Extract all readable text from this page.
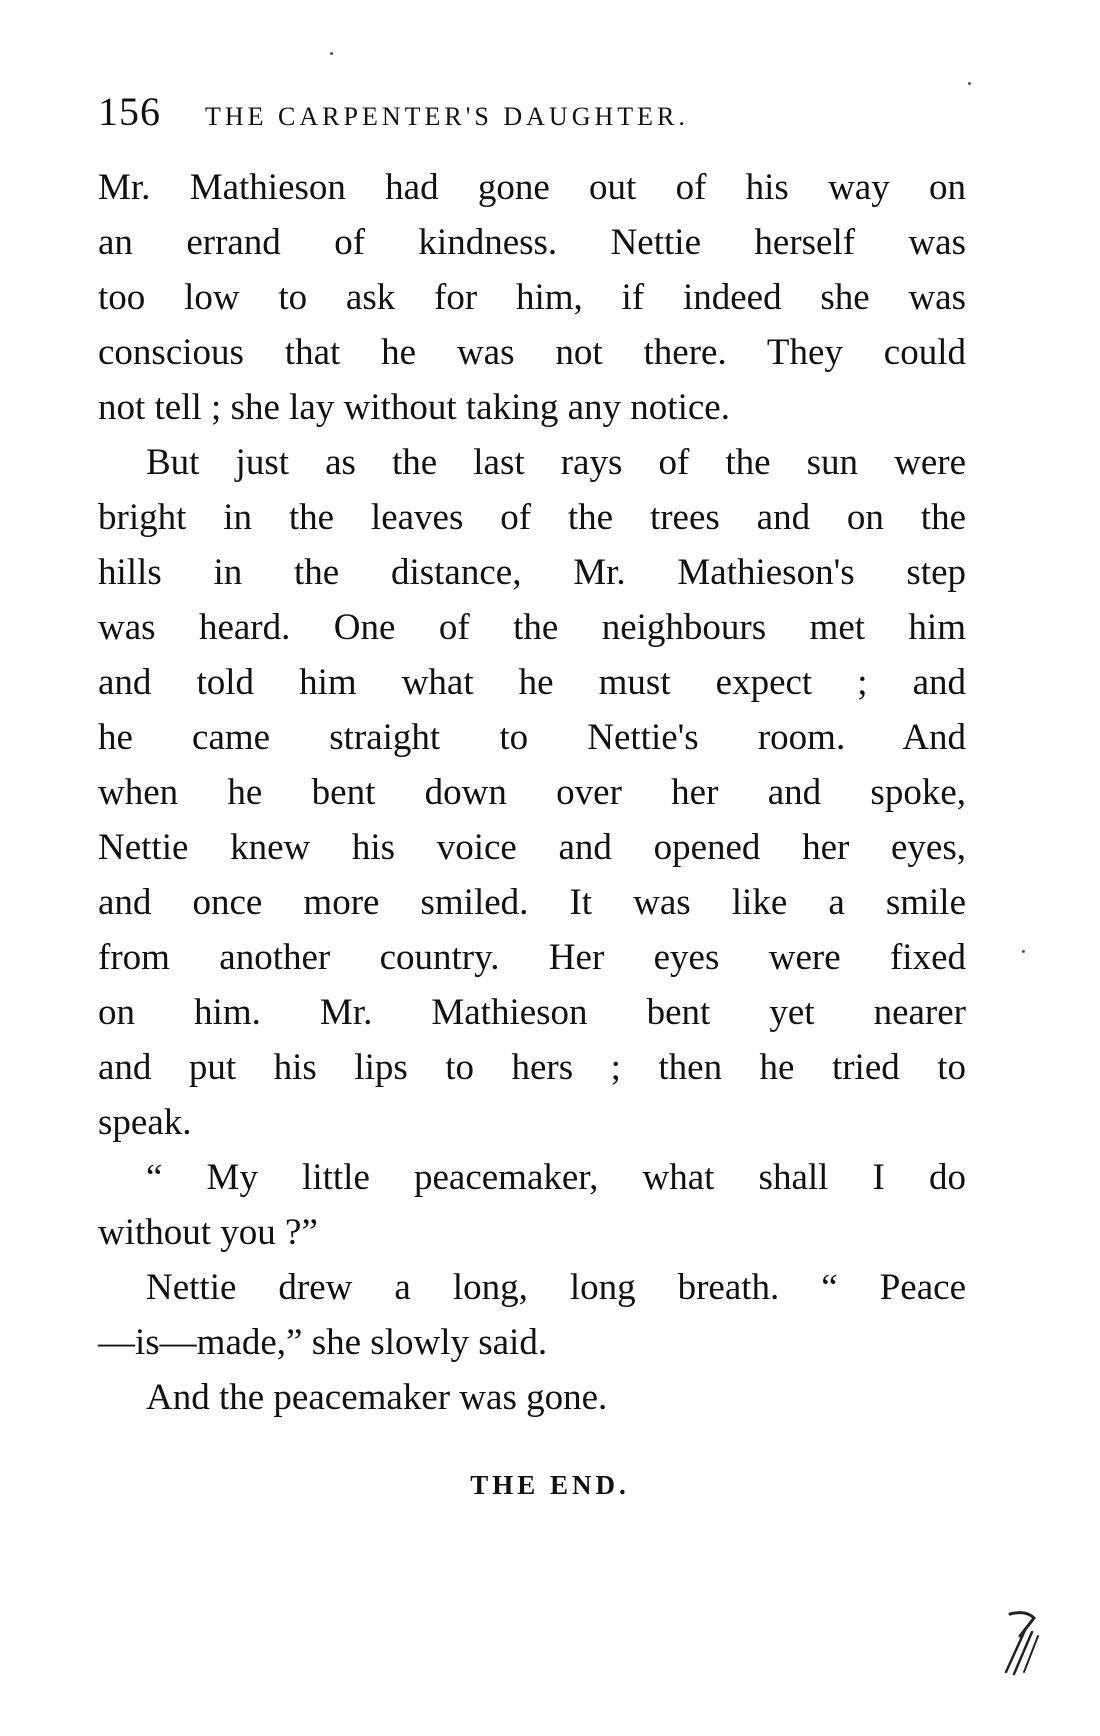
156 THE CARPENTER'S DAUGHTER.

Mr. Mathieson had gone out of his way on
an errand of kindness. Nettie herself was
too low to ask for him, if indeed she was
conscious that he was not there. They could
not tell ; she lay without taking any notice.

But just as the last rays of the sun were
bright in the leaves of the trees and on the
hills in the distance, Mr. Mathieson's step
was heard. One of the neighbours met him
and told him what he must expect ; and
he came straight to Nettie's room. And
when he bent down over her and spoke,
Nettie knew his voice and opened her eyes,
and once more smiled. It was like a smile
from another country. Her eyes were fixed
on him. Mr. Mathieson bent yet nearer
and put his lips to hers ; then he tried to
speak.

“ My little peacemaker, what shall I do
without you ?”

Nettie drew a long, long breath. “ Peace
—is—made,” she slowly said.

And the peacemaker was gone.

THE END.
